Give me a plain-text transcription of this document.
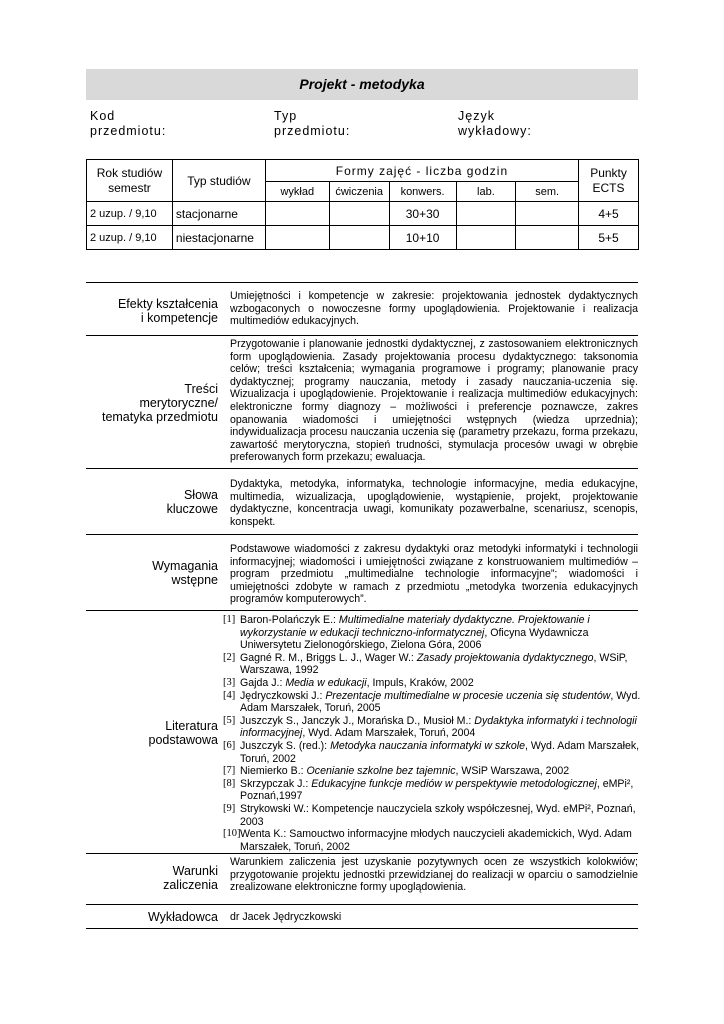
Projekt - metodyka
Kod
przedmiotu:
Typ
przedmiotu:
Język
wykładowy:
Rok studiów
semestr	Typ studiów	Formy zajęć - liczba godzin					Punkty
ECTS
		wykład	ćwiczenia	konwers.	lab.	sem.	
2 uzup. / 9,10	stacjonarne			30+30			4+5
2 uzup. / 9,10	niestacjonarne			10+10			5+5
Efekty kształcenia
i kompetencje
Umiejętności i kompetencje w zakresie: projektowania jednostek dydaktycznych wzbogaconych o nowoczesne formy upoglądowienia. Projektowanie i realizacja multimediów edukacyjnych.
Treści
merytoryczne/
tematyka przedmiotu
Przygotowanie i planowanie jednostki dydaktycznej, z zastosowaniem elektronicznych form upoglądowienia. Zasady projektowania procesu dydaktycznego: taksonomia celów; treści kształcenia; wymagania programowe i programy; planowanie pracy dydaktycznej; programy nauczania, metody i zasady nauczania-uczenia się. Wizualizacja i upoglądowienie. Projektowanie i realizacja multimediów edukacyjnych: elektroniczne formy diagnozy – możliwości i preferencje poznawcze, zakres opanowania wiadomości i umiejętności wstępnych (wiedza uprzednia); indywidualizacja procesu nauczania uczenia się (parametry przekazu, forma przekazu, zawartość merytoryczna, stopień trudności, stymulacja procesów uwagi w obrębie preferowanych form przekazu; ewaluacja.
Słowa
kluczowe
Dydaktyka, metodyka, informatyka, technologie informacyjne, media edukacyjne, multimedia, wizualizacja, upoglądowienie, wystąpienie, projekt, projektowanie dydaktyczne, koncentracja uwagi, komunikaty pozawerbalne, scenariusz, scenopis, konspekt.
Wymagania
wstępne
Podstawowe wiadomości z zakresu dydaktyki oraz metodyki informatyki i technologii informacyjnej; wiadomości i umiejętności związane z konstruowaniem multimediów – program przedmiotu „multimedialne technologie informacyjne”; wiadomości i umiejętności zdobyte w ramach z przedmiotu „metodyka tworzenia edukacyjnych programów komputerowych”.
Literatura
podstawowa
[1] Baron-Polańczyk E.: Multimedialne materiały dydaktyczne. Projektowanie i wykorzystanie w edukacji techniczno-informatycznej, Oficyna Wydawnicza Uniwersytetu Zielonogórskiego, Zielona Góra, 2006
[2] Gagné R. M., Briggs L. J., Wager W.: Zasady projektowania dydaktycznego, WSiP, Warszawa, 1992
[3] Gajda J.: Media w edukacji, Impuls, Kraków, 2002
[4] Jędryczkowski J.: Prezentacje multimedialne w procesie uczenia się studentów, Wyd. Adam Marszałek, Toruń, 2005
[5] Juszczyk S., Janczyk J., Morańska D., Musioł M.: Dydaktyka informatyki i technologii informacyjnej, Wyd. Adam Marszałek, Toruń, 2004
[6] Juszczyk S. (red.): Metodyka nauczania informatyki w szkole, Wyd. Adam Marszałek, Toruń, 2002
[7] Niemierko B.: Ocenianie szkolne bez tajemnic, WSiP Warszawa, 2002
[8] Skrzypczak J.: Edukacyjne funkcje mediów w perspektywie metodologicznej, eMPi², Poznań,1997
[9] Strykowski W.: Kompetencje nauczyciela szkoły współczesnej, Wyd. eMPi², Poznań, 2003
[10] Wenta K.: Samouctwo informacyjne młodych nauczycieli akademickich, Wyd. Adam Marszałek, Toruń, 2002
Warunki
zaliczenia
Warunkiem zaliczenia jest uzyskanie pozytywnych ocen ze wszystkich kolokwiów; przygotowanie projektu jednostki przewidzianej do realizacji w oparciu o samodzielnie zrealizowane elektroniczne formy upoglądowienia.
Wykładowca dr Jacek Jędryczkowski
